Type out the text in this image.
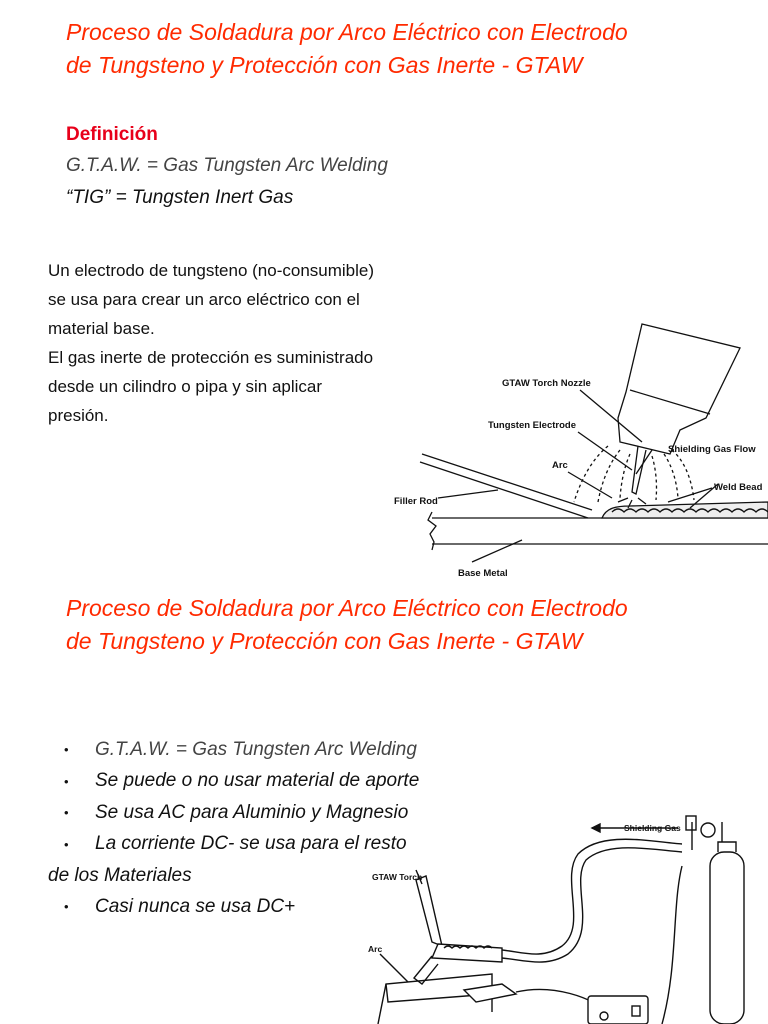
Proceso de Soldadura por Arco Eléctrico con Electrodo
de Tungsteno y Protección con Gas Inerte - GTAW
Definición
G.T.A.W. = Gas Tungsten Arc Welding
“TIG” = Tungsten Inert Gas
Un electrodo de tungsteno (no-consumible)
se usa para crear un arco eléctrico con el
material base.
El gas inerte de protección es suministrado
desde un cilindro o pipa y sin aplicar
presión.
GTAW Torch Nozzle
Tungsten Electrode
Shielding Gas Flow
Arc
Weld Bead
Filler Rod
Base Metal
Proceso de Soldadura por Arco Eléctrico con Electrodo
de Tungsteno y Protección con Gas Inerte - GTAW
• G.T.A.W. = Gas Tungsten Arc Welding
• Se puede o no usar material de aporte
• Se usa AC para Aluminio y Magnesio
• La corriente DC- se usa para el resto
de los Materiales
• Casi nunca se usa DC+
Shielding Gas
GTAW Torch
Arc
